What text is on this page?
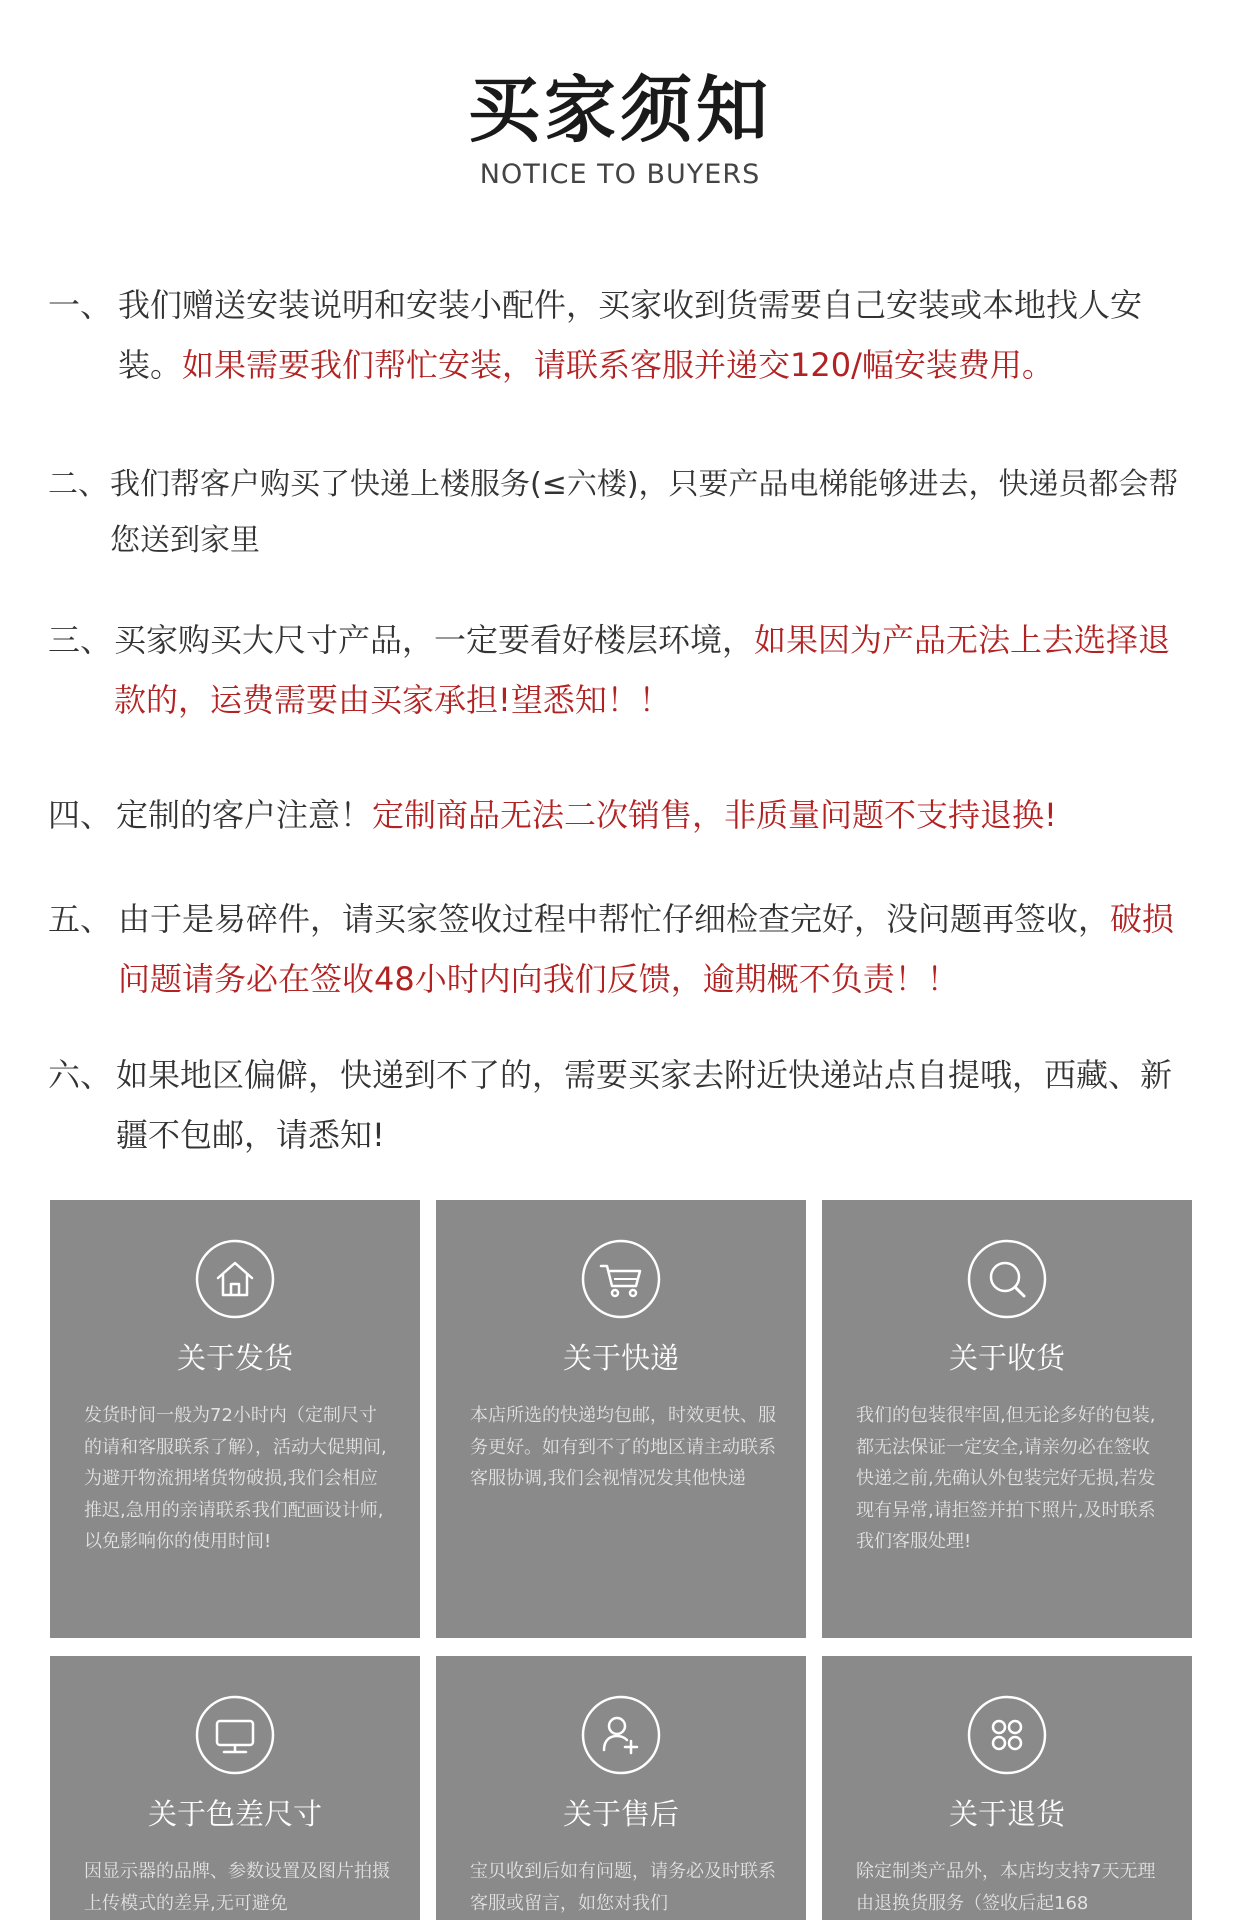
买家须知
NOTICE TO BUYERS
一、 我们赠送安装说明和安装小配件，买家收到货需要自己安装或本地找人安装。如果需要我们帮忙安装，请联系客服并递交120/幅安装费用。
二、 我们帮客户购买了快递上楼服务(≤六楼)，只要产品电梯能够进去，快递员都会帮您送到家里
三、 买家购买大尺寸产品，一定要看好楼层环境，如果因为产品无法上去选择退款的，运费需要由买家承担!望悉知！！
四、 定制的客户注意！定制商品无法二次销售，非质量问题不支持退换!
五、 由于是易碎件，请买家签收过程中帮忙仔细检查完好，没问题再签收，破损问题请务必在签收48小时内向我们反馈，逾期概不负责！！
六、 如果地区偏僻，快递到不了的，需要买家去附近快递站点自提哦，西藏、新疆不包邮，请悉知!
关于发货
发货时间一般为72小时内（定制尺寸的请和客服联系了解），活动大促期间,为避开物流拥堵货物破损,我们会相应推迟,急用的亲请联系我们配画设计师,以免影响你的使用时间!
关于快递
本店所选的快递均包邮，时效更快、服务更好。如有到不了的地区请主动联系客服协调,我们会视情况发其他快递
关于收货
我们的包装很牢固,但无论多好的包装,都无法保证一定安全,请亲勿必在签收快递之前,先确认外包装完好无损,若发现有异常,请拒签并拍下照片,及时联系我们客服处理!
关于色差尺寸
因显示器的品牌、参数设置及图片拍摄上传模式的差异,无可避免
关于售后
宝贝收到后如有问题，请务必及时联系客服或留言，如您对我们
关于退货
除定制类产品外，本店均支持7天无理由退换货服务（签收后起168
